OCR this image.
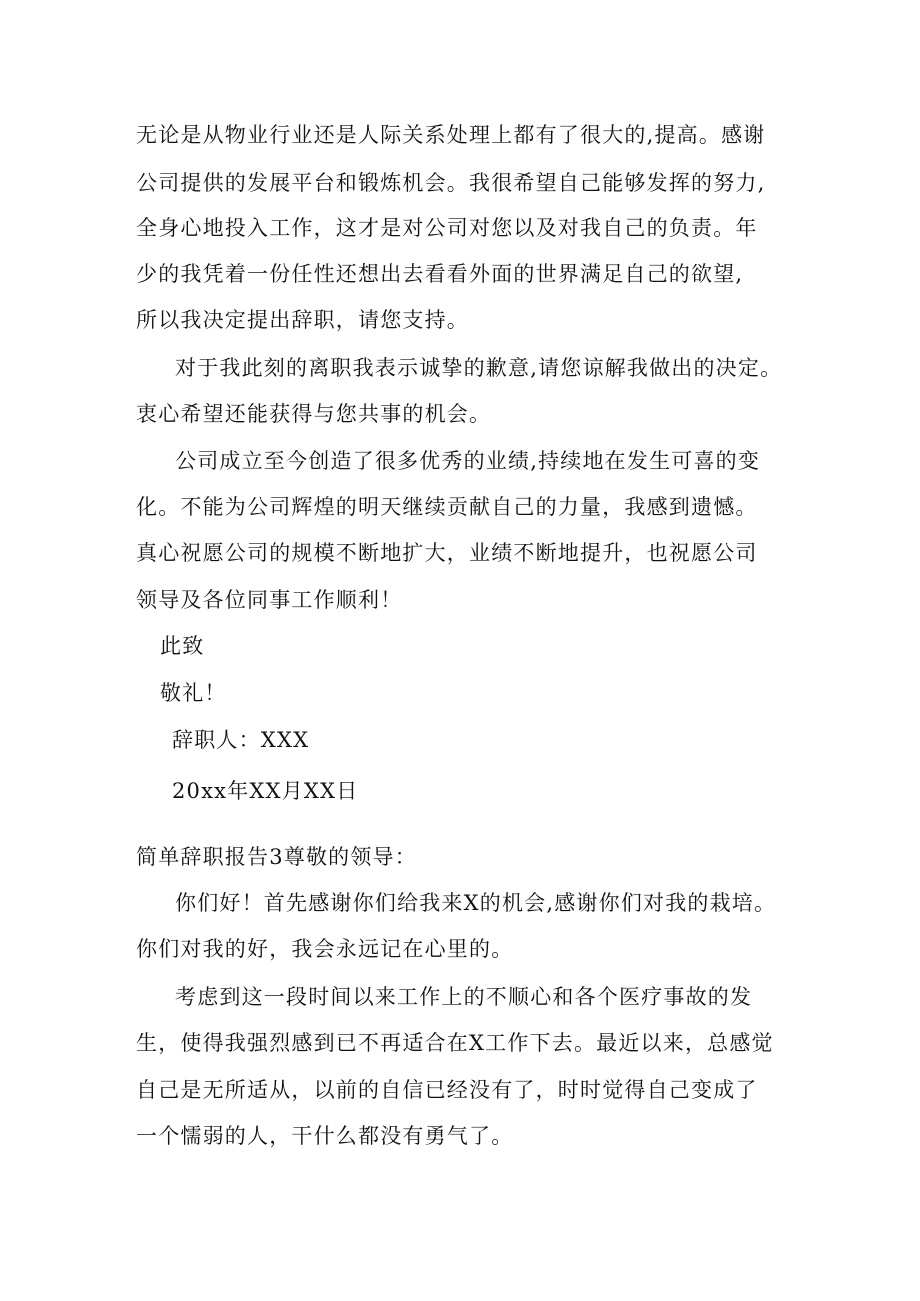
无论是从物业行业还是人际关系处理上都有了很大的,提高。感谢
公司提供的发展平台和锻炼机会。我很希望自己能够发挥的努力,
全身心地投入工作，这才是对公司对您以及对我自己的负责。年
少的我凭着一份任性还想出去看看外面的世界满足自己的欲望,
所以我决定提出辞职，请您支持。
对于我此刻的离职我表示诚挚的歉意,请您谅解我做出的决定。
衷心希望还能获得与您共事的机会。
公司成立至今创造了很多优秀的业绩,持续地在发生可喜的变
化。不能为公司辉煌的明天继续贡献自己的力量，我感到遗憾。
真心祝愿公司的规模不断地扩大，业绩不断地提升，也祝愿公司
领导及各位同事工作顺利！
此致
敬礼！
辞职人：XXX
20xx年XX月XX日
简单辞职报告3尊敬的领导：
你们好！首先感谢你们给我来X的机会,感谢你们对我的栽培。
你们对我的好，我会永远记在心里的。
考虑到这一段时间以来工作上的不顺心和各个医疗事故的发
生，使得我强烈感到已不再适合在X工作下去。最近以来，总感觉
自己是无所适从，以前的自信已经没有了，时时觉得自己变成了
一个懦弱的人，干什么都没有勇气了。
